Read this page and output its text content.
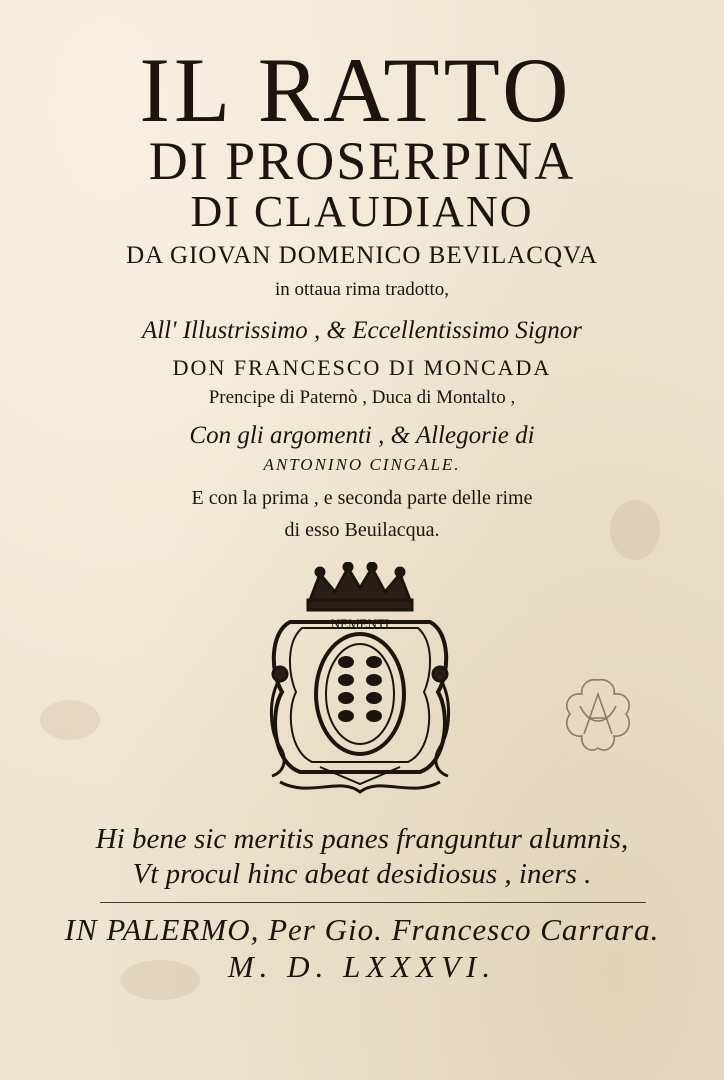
IL RATTO
DI PROSERPINA
DI CLAUDIANO
DA GIOVAN DOMENICO BEVILACQVA
in ottaua rima tradotto,
All' Illustrissimo , & Eccellentissimo Signor
DON FRANCESCO DI MONCADA
Prencipe di Paternò , Duca di Montalto ,
Con gli argomenti , & Allegorie di
ANTONINO CINGALE.
E con la prima , e seconda parte delle rime
di esso Beuilacqua.
NEMENTI
Hi bene sic meritis panes franguntur alumnis,
Vt procul hinc abeat desidiosus , iners .
IN PALERMO, Per Gio. Francesco Carrara.
M. D. LXXXVI.
